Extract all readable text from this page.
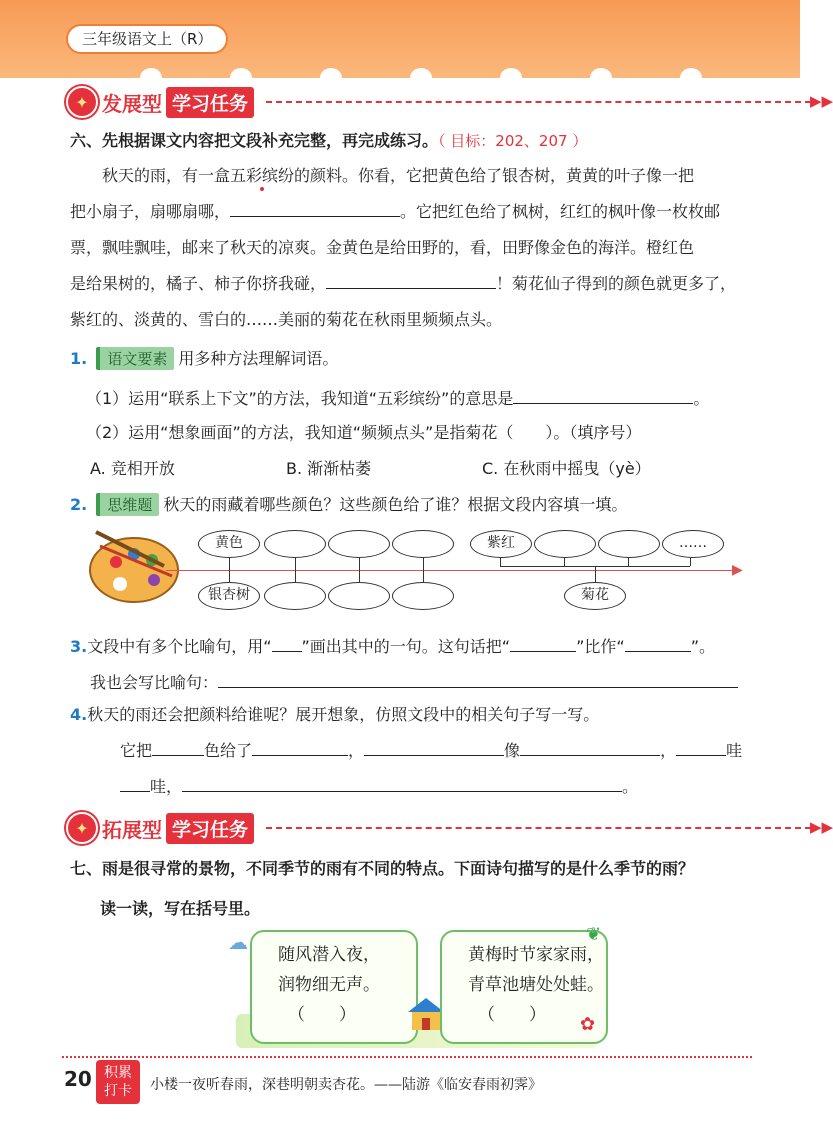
三年级语文上（R）
✦ 发展型 学习任务	▶▶
六、先根据课文内容把文段补充完整，再完成练习。（ 目标：202、207 ）
秋天的雨，有一盒五彩缤纷的颜料。你看，它把黄色给了银杏树，黄黄的叶子像一把
把小扇子，扇哪扇哪，	。它把红色给了枫树，红红的枫叶像一枚枚邮
票，飘哇飘哇，邮来了秋天的凉爽。金黄色是给田野的，看，田野像金色的海洋。橙红色
是给果树的，橘子、柿子你挤我碰，	！菊花仙子得到的颜色就更多了，
紫红的、淡黄的、雪白的……美丽的菊花在秋雨里频频点头。
1. 语文要素 用多种方法理解词语。
（1）运用“联系上下文”的方法，我知道“五彩缤纷”的意思是	。
（2）运用“想象画面”的方法，我知道“频频点头”是指菊花（　　）。（填序号）
A. 竞相开放	B. 渐渐枯萎	C. 在秋雨中摇曳（yè）
2. 思维题 秋天的雨藏着哪些颜色？这些颜色给了谁？根据文段内容填一填。
▶
黄色	紫红	……
银杏树	菊花
3.文段中有多个比喻句，用“ ”画出其中的一句。这句话把“	”比作“	”。
我也会写比喻句：
4.秋天的雨还会把颜料给谁呢？展开想象，仿照文段中的相关句子写一写。
它把	色给了	，	像	，	哇
哇，	。
✦ 拓展型 学习任务	▶▶
七、雨是很寻常的景物，不同季节的雨有不同的特点。下面诗句描写的是什么季节的雨？
读一读，写在括号里。
随风潜入夜，
润物细无声。
（　　）
☁
黄梅时节家家雨，
青草池塘处处蛙。
（　　）
❦
✿
20 积累
打卡	小楼一夜听春雨，深巷明朝卖杏花。——陆游《临安春雨初霁》
